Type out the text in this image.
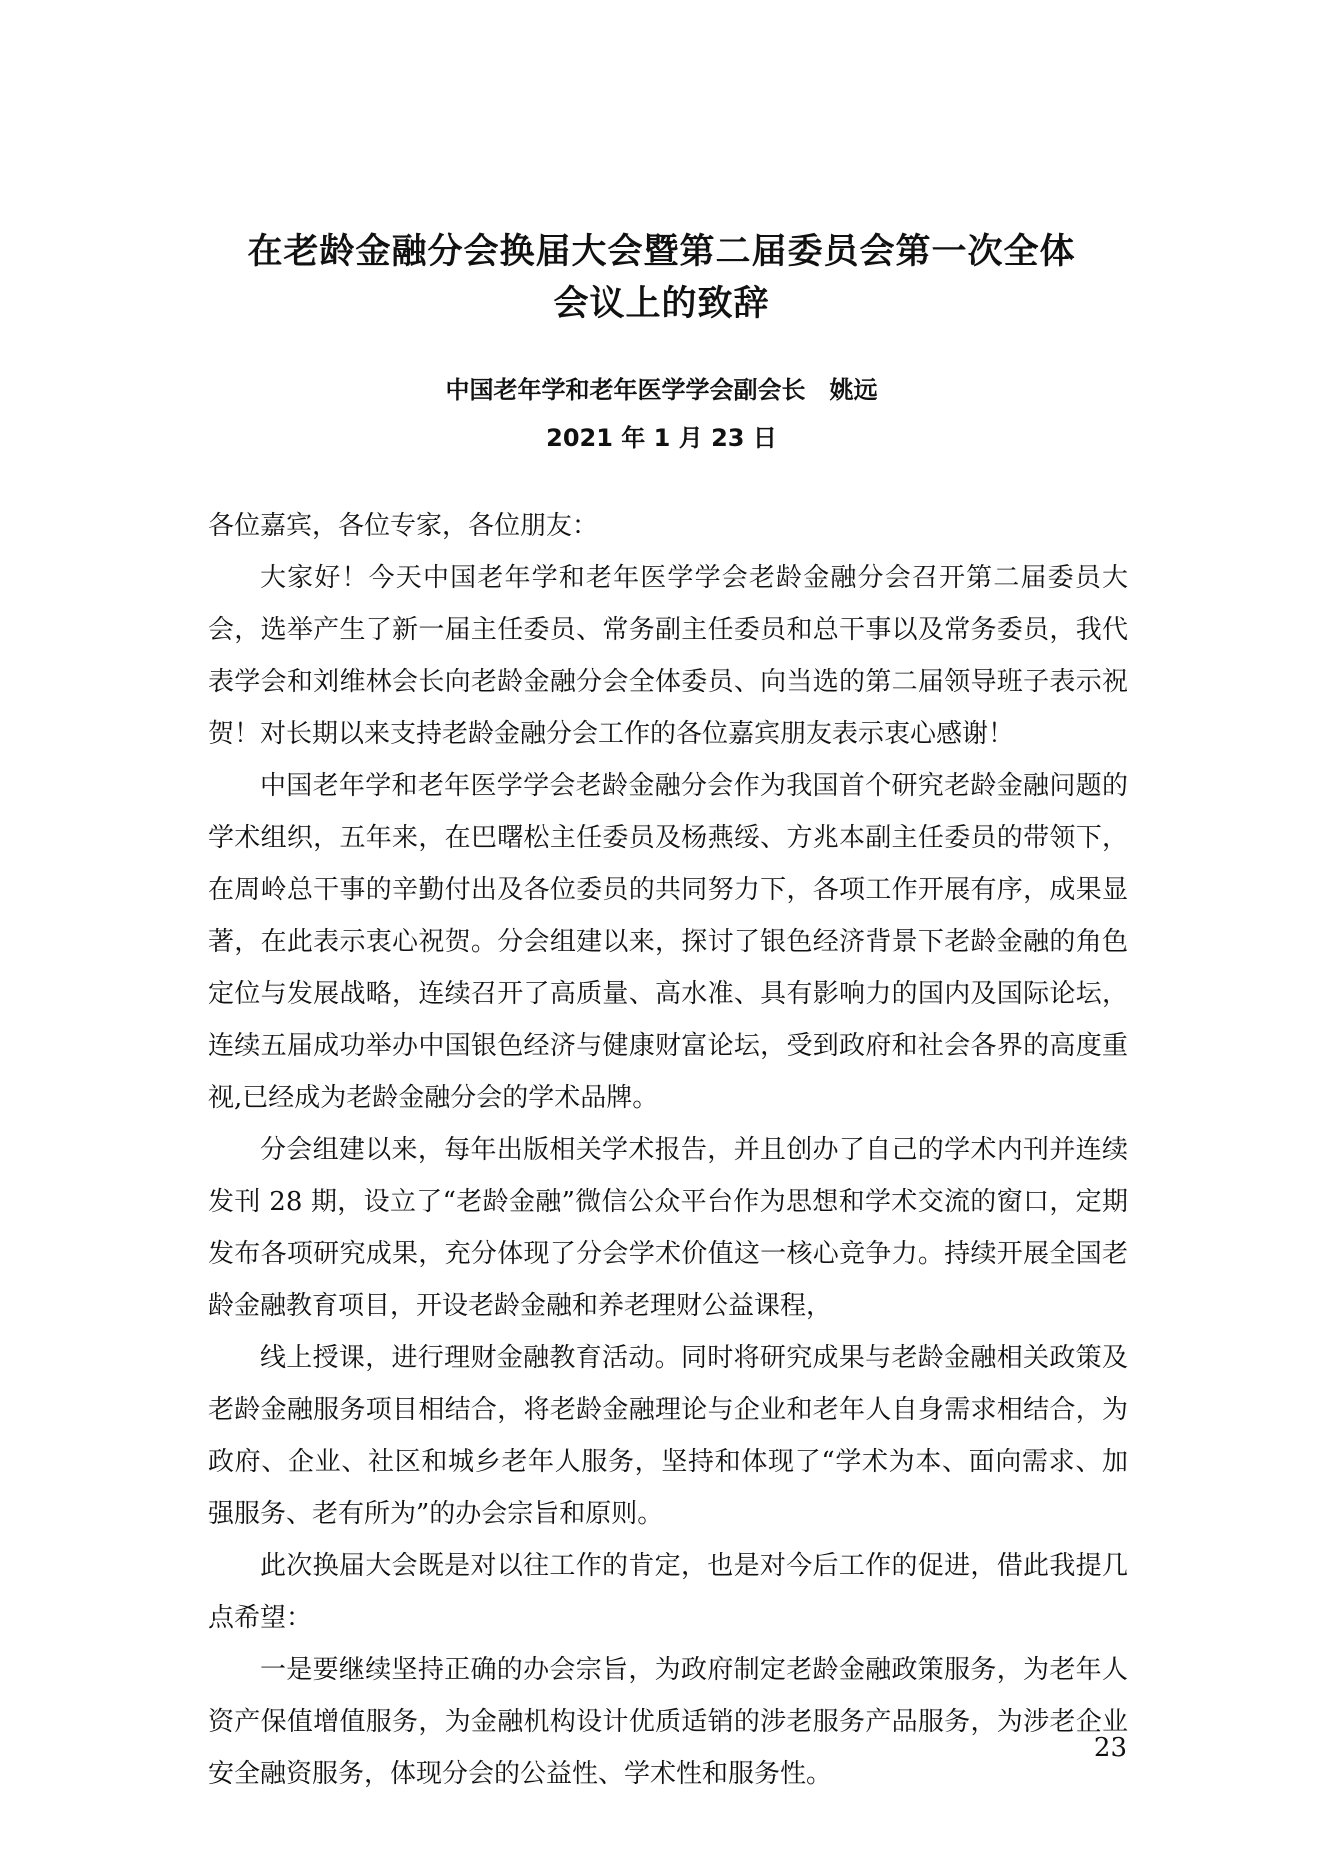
在老龄金融分会换届大会暨第二届委员会第一次全体
会议上的致辞
中国老年学和老年医学学会副会长　姚远
2021 年 1 月 23 日

各位嘉宾，各位专家，各位朋友：

大家好！今天中国老年学和老年医学学会老龄金融分会召开第二届委员大会，选举产生了新一届主任委员、常务副主任委员和总干事以及常务委员，我代表学会和刘维林会长向老龄金融分会全体委员、向当选的第二届领导班子表示祝贺！对长期以来支持老龄金融分会工作的各位嘉宾朋友表示衷心感谢！

中国老年学和老年医学学会老龄金融分会作为我国首个研究老龄金融问题的学术组织，五年来，在巴曙松主任委员及杨燕绥、方兆本副主任委员的带领下，在周岭总干事的辛勤付出及各位委员的共同努力下，各项工作开展有序，成果显著，在此表示衷心祝贺。分会组建以来，探讨了银色经济背景下老龄金融的角色定位与发展战略，连续召开了高质量、高水准、具有影响力的国内及国际论坛，连续五届成功举办中国银色经济与健康财富论坛，受到政府和社会各界的高度重视,已经成为老龄金融分会的学术品牌。

分会组建以来，每年出版相关学术报告，并且创办了自己的学术内刊并连续发刊 28 期，设立了“老龄金融”微信公众平台作为思想和学术交流的窗口，定期发布各项研究成果，充分体现了分会学术价值这一核心竞争力。持续开展全国老龄金融教育项目，开设老龄金融和养老理财公益课程，

线上授课，进行理财金融教育活动。同时将研究成果与老龄金融相关政策及老龄金融服务项目相结合，将老龄金融理论与企业和老年人自身需求相结合，为政府、企业、社区和城乡老年人服务，坚持和体现了“学术为本、面向需求、加强服务、老有所为”的办会宗旨和原则。

此次换届大会既是对以往工作的肯定，也是对今后工作的促进，借此我提几点希望：

一是要继续坚持正确的办会宗旨，为政府制定老龄金融政策服务，为老年人资产保值增值服务，为金融机构设计优质适销的涉老服务产品服务，为涉老企业安全融资服务，体现分会的公益性、学术性和服务性。

23
